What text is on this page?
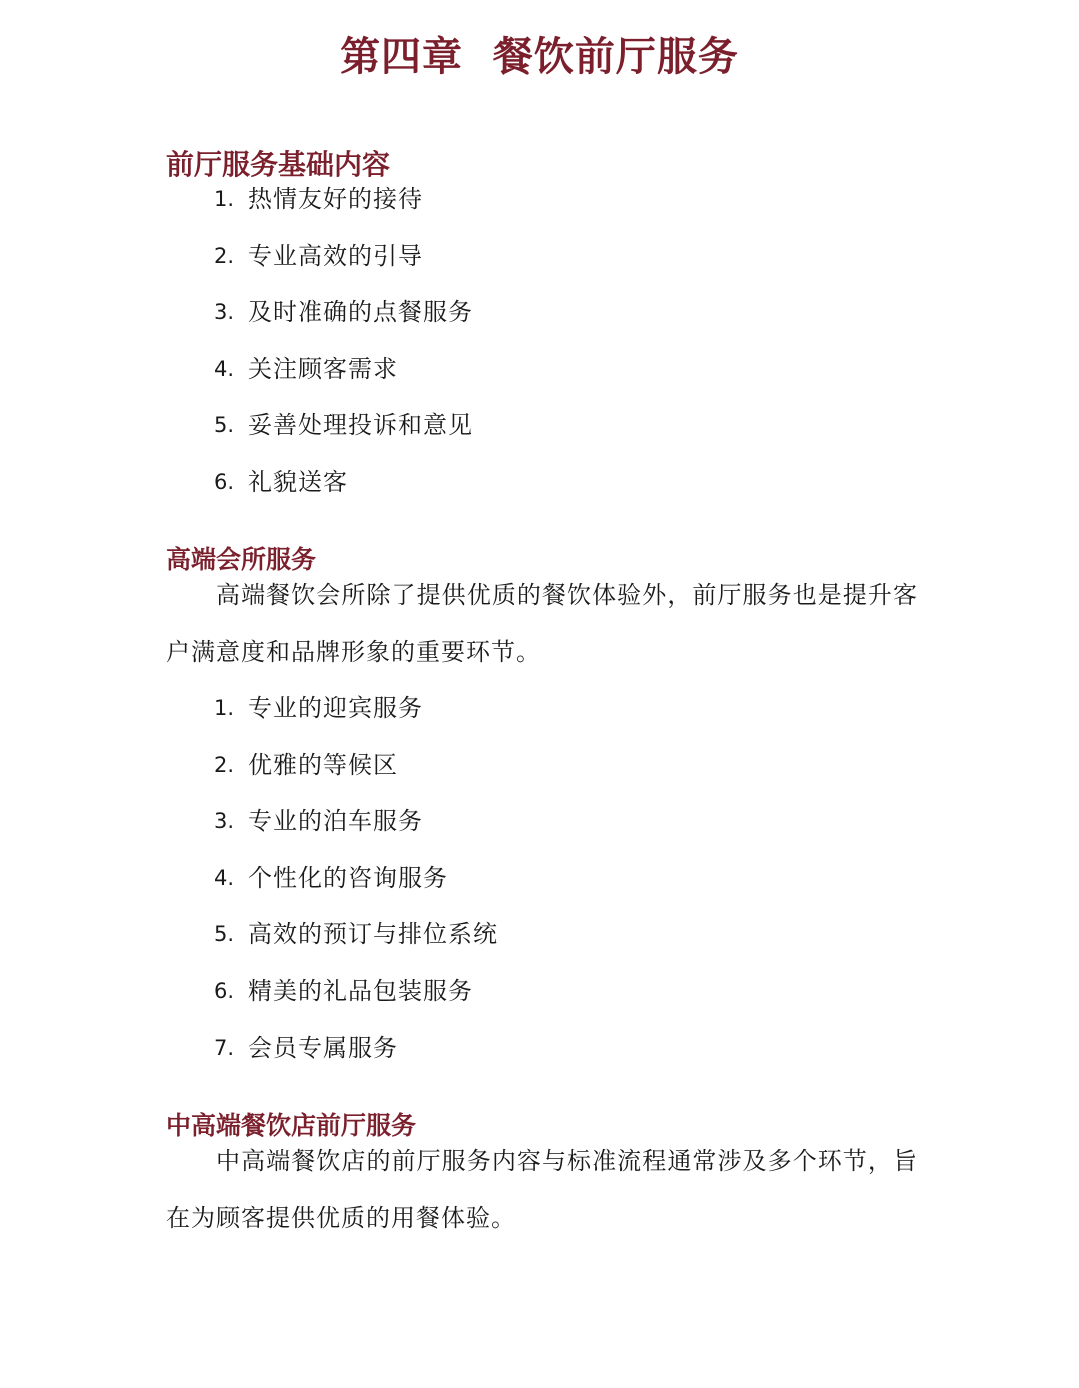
第四章  餐饮前厅服务
前厅服务基础内容
1. 热情友好的接待
2. 专业高效的引导
3. 及时准确的点餐服务
4. 关注顾客需求
5. 妥善处理投诉和意见
6. 礼貌送客
高端会所服务

高端餐饮会所除了提供优质的餐饮体验外，前厅服务也是提升客户满意度和品牌形象的重要环节。

1. 专业的迎宾服务
2. 优雅的等候区
3. 专业的泊车服务
4. 个性化的咨询服务
5. 高效的预订与排位系统
6. 精美的礼品包装服务
7. 会员专属服务
中高端餐饮店前厅服务

中高端餐饮店的前厅服务内容与标准流程通常涉及多个环节，旨在为顾客提供优质的用餐体验。
